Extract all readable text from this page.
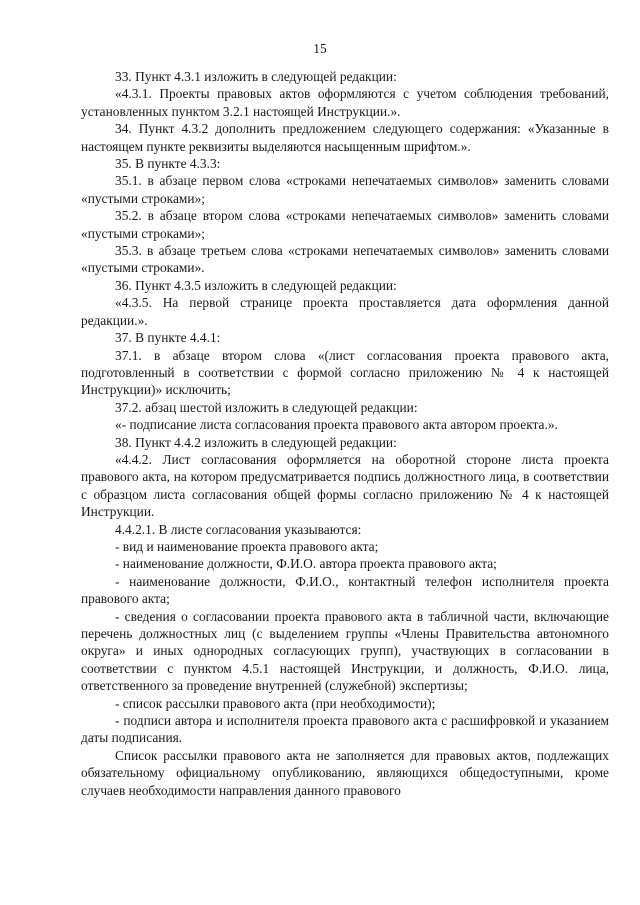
15

33. Пункт 4.3.1 изложить в следующей редакции:

«4.3.1. Проекты правовых актов оформляются с учетом соблюдения требований, установленных пунктом 3.2.1 настоящей Инструкции.».

34. Пункт 4.3.2 дополнить предложением следующего содержания: «Указанные в настоящем пункте реквизиты выделяются насыщенным шрифтом.».

35. В пункте 4.3.3:

35.1. в абзаце первом слова «строками непечатаемых символов» заменить словами «пустыми строками»;

35.2. в абзаце втором слова «строками непечатаемых символов» заменить словами «пустыми строками»;

35.3. в абзаце третьем слова «строками непечатаемых символов» заменить словами «пустыми строками».

36. Пункт 4.3.5 изложить в следующей редакции:

«4.3.5. На первой странице проекта проставляется дата оформления данной редакции.».

37. В пункте 4.4.1:

37.1. в абзаце втором слова «(лист согласования проекта правового акта, подготовленный в соответствии с формой согласно приложению № 4 к настоящей Инструкции)» исключить;

37.2. абзац шестой изложить в следующей редакции:

«- подписание листа согласования проекта правового акта автором проекта.».

38. Пункт 4.4.2 изложить в следующей редакции:

«4.4.2. Лист согласования оформляется на оборотной стороне листа проекта правового акта, на котором предусматривается подпись должностного лица, в соответствии с образцом листа согласования общей формы согласно приложению № 4 к настоящей Инструкции.

4.4.2.1. В листе согласования указываются:

- вид и наименование проекта правового акта;

- наименование должности, Ф.И.О. автора проекта правового акта;

- наименование должности, Ф.И.О., контактный телефон исполнителя проекта правового акта;

- сведения о согласовании проекта правового акта в табличной части, включающие перечень должностных лиц (с выделением группы «Члены Правительства автономного округа» и иных однородных согласующих групп), участвующих в согласовании в соответствии с пунктом 4.5.1 настоящей Инструкции, и должность, Ф.И.О. лица, ответственного за проведение внутренней (служебной) экспертизы;

- список рассылки правового акта (при необходимости);

- подписи автора и исполнителя проекта правового акта с расшифровкой и указанием даты подписания.

Список рассылки правового акта не заполняется для правовых актов, подлежащих обязательному официальному опубликованию, являющихся общедоступными, кроме случаев необходимости направления данного правового
